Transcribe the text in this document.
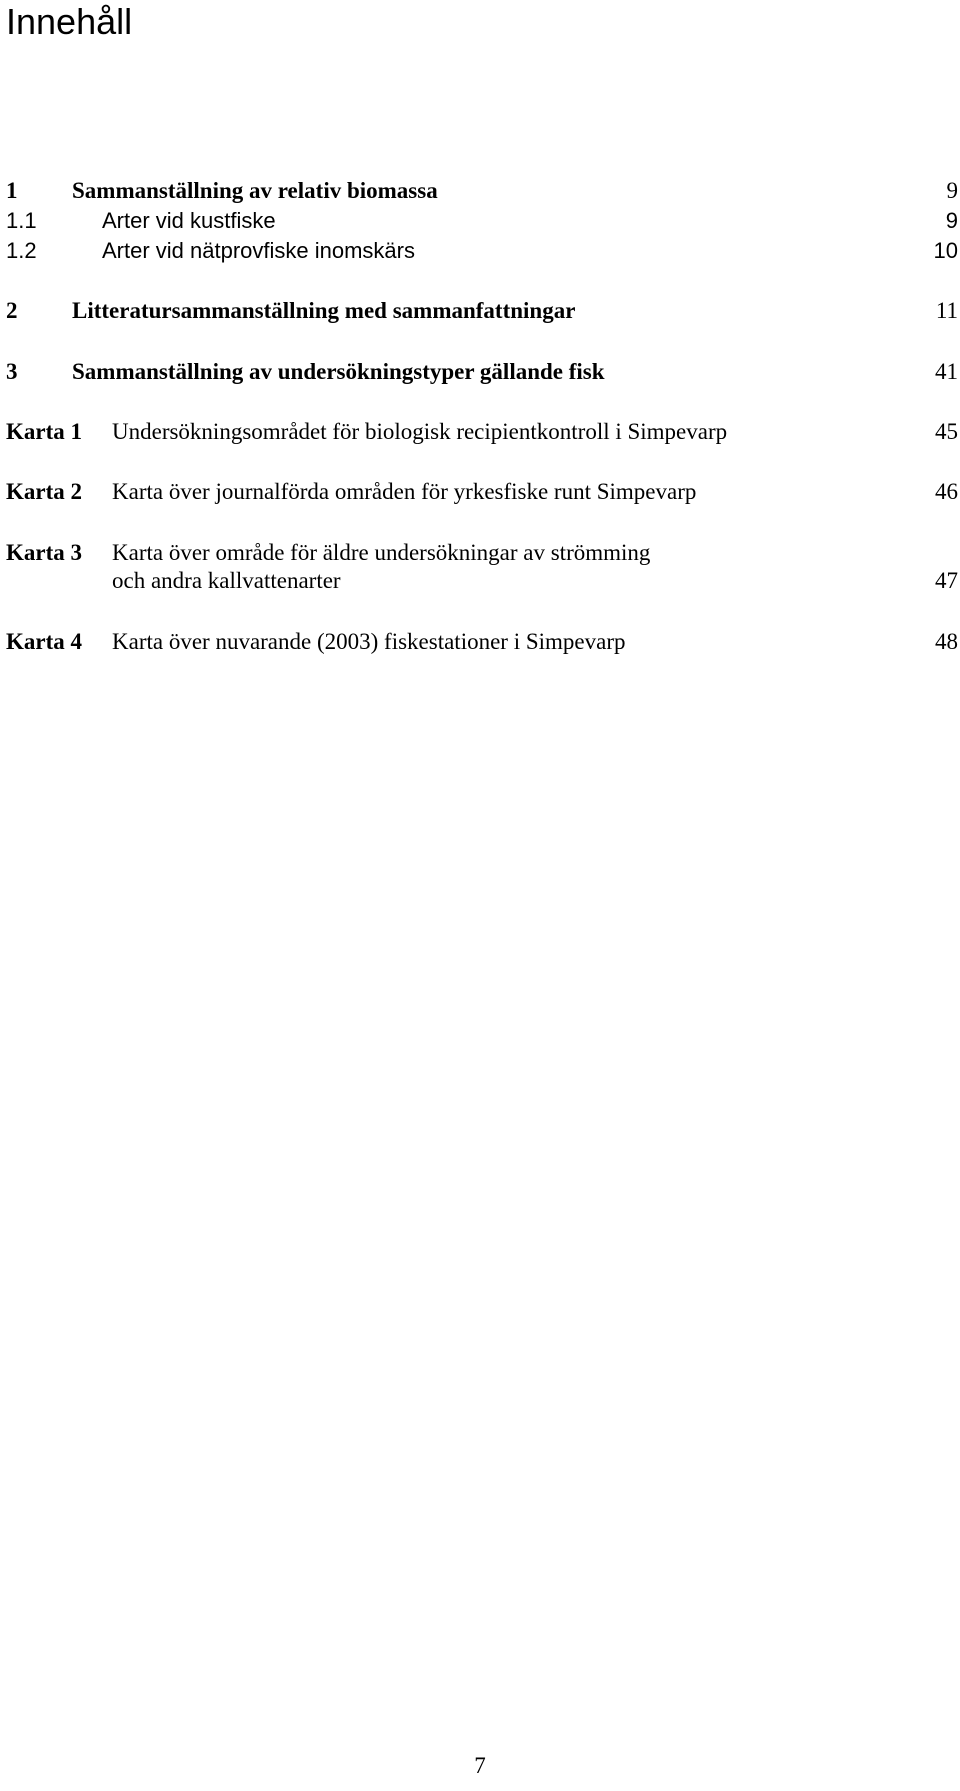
Innehåll
1 Sammanställning av relativ biomassa	9
1.1	Arter vid kustfiske	9
1.2	Arter vid nätprovfiske inomskärs	10
2 Litteratursammanställning med sammanfattningar	11
3 Sammanställning av undersökningstyper gällande fisk	41
Karta 1 Undersökningsområdet för biologisk recipientkontroll i Simpevarp	45
Karta 2 Karta över journalförda områden för yrkesfiske runt Simpevarp	46
Karta 3 Karta över område för äldre undersökningar av strömming
och andra kallvattenarter	47
Karta 4 Karta över nuvarande (2003) fiskestationer i Simpevarp	48
7
